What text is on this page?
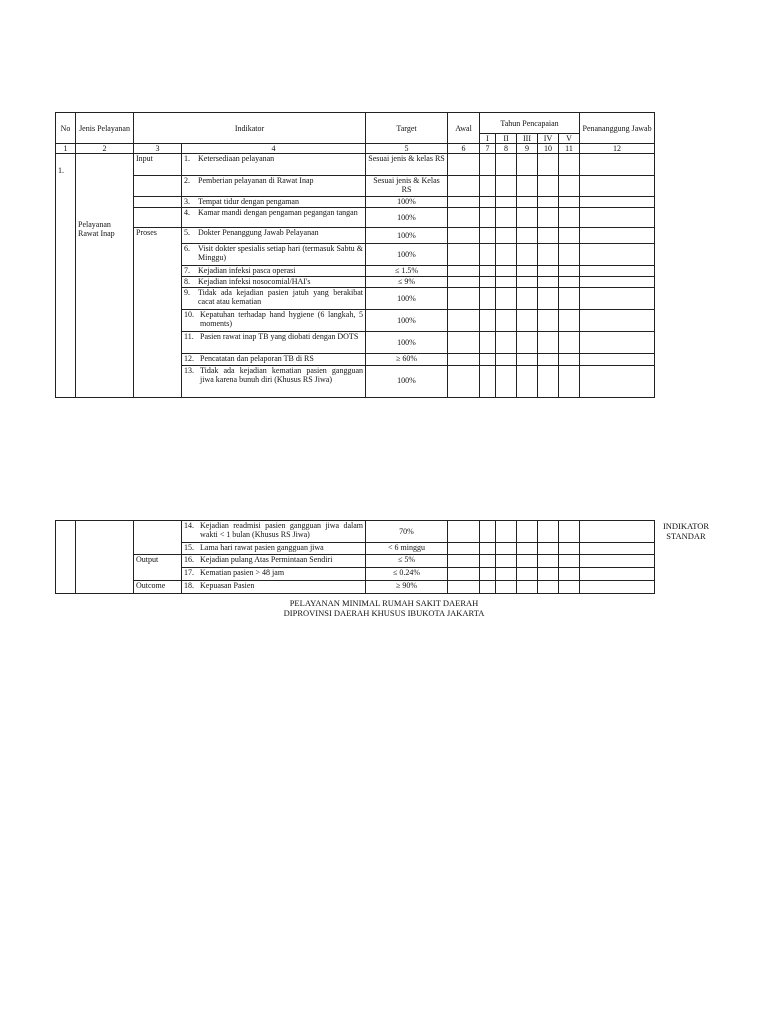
No	Jenis Pelayanan	Indikator		Target	Awal	Tahun Pencapaian					Penananggung Jawab
						I	II	III	IV	V	
1	2	3	4	5	6	7	8	9	10	11	12
1.	Pelayanan Rawat Inap	Input	1. Ketersediaan pelayanan	Sesuai jenis & kelas RS							

			2. Pemberian pelayanan di Rawat Inap	Sesuai jenis & Kelas RS							

			3. Tempat tidur dengan pengaman	100%							

			4. Kamar mandi dengan pengaman pegangan tangan	100%							
		Proses	5. Dokter Penanggung Jawab Pelayanan	100%							

			6. Visit dokter spesialis setiap hari (termasuk Sabtu & Minggu)	100%							

			7. Kejadian infeksi pasca operasi	≤ 1.5%							

			8. Kejadian infeksi nosocomial/HAI's	≤ 9%							

			9. Tidak ada kejadian pasien jatuh yang berakibat cacat atau kematian	100%							

			10. Kepatuhan terhadap hand hygiene (6 langkah, 5 moments)	100%							

			11. Pasien rawat inap TB yang diobati dengan DOTS	100%							

			12. Pencatatan dan pelaporan TB di RS	≥ 60%							

			13. Tidak ada kejadian kematian pasien gangguan jiwa karena bunuh diri (Khusus RS Jiwa)	100%							

			14. Kejadian readmisi pasien gangguan jiwa dalam wakti < 1 bulan (Khusus RS Jiwa)	70%							

			15. Lama hari rawat pasien gangguan jiwa	< 6 minggu							
		Output	16. Kejadian pulang Atas Permintaan Sendiri	≤ 5%							

			17. Kematian pasien > 48 jam	≤ 0.24%							
		Outcome	18. Kepuasan Pasien	≥ 90%							
INDIKATOR STANDAR
PELAYANAN MINIMAL RUMAH SAKIT DAERAH
DIPROVINSI DAERAH KHUSUS IBUKOTA JAKARTA
